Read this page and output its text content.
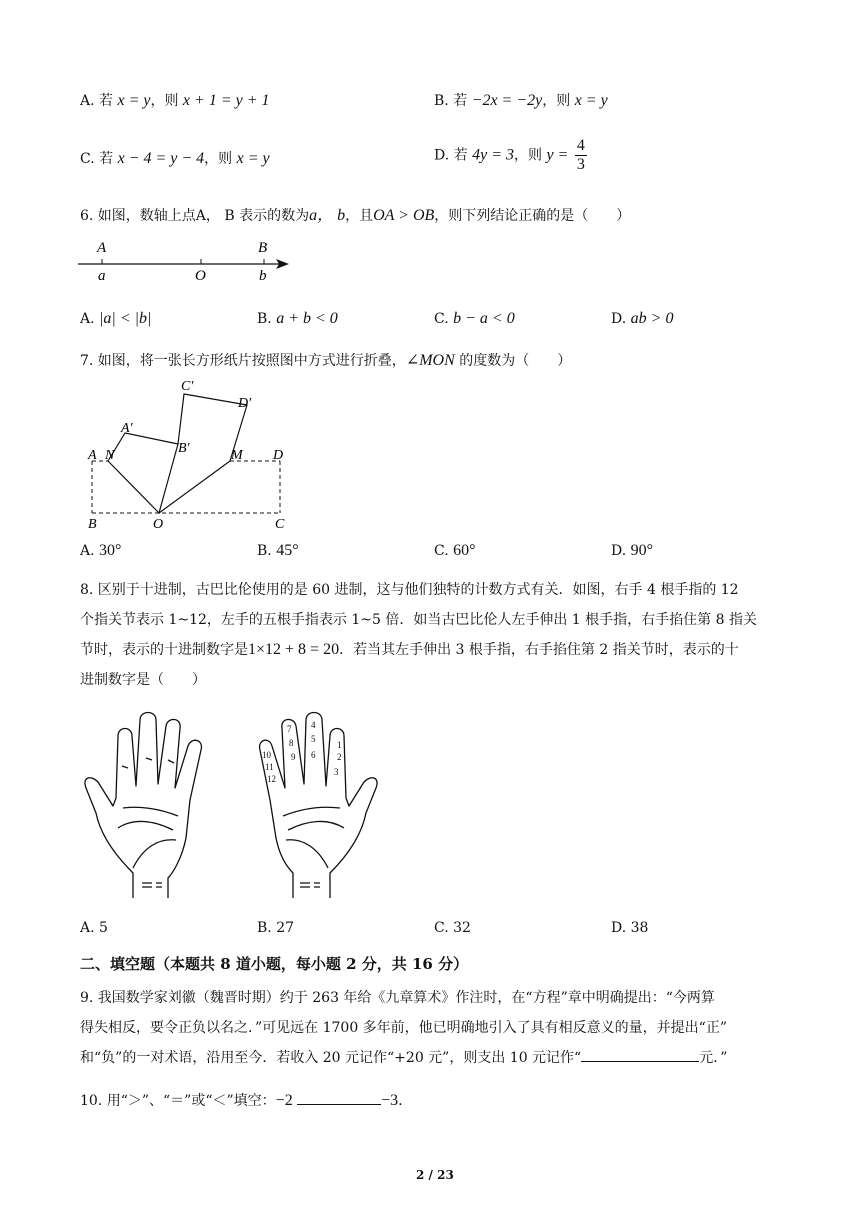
A. 若 x = y，则 x + 1 = y + 1	B. 若 −2x = −2y，则 x = y
C. 若 x − 4 = y − 4，则 x = y	D. 若 4y = 3，则 $y = \frac{4}{3}$
6. 如图，数轴上点A， B 表示的数为a， b，且OA > OB，则下列结论正确的是（　　）
A
a	O
B
b
A. |a| < |b|	B. a + b < 0	C. b − a < 0	D. ab > 0
7. 如图，将一张长方形纸片按照图中方式进行折叠，∠MON 的度数为（　　）
C′
D′
A′
B′
A N	M D
B	O	C
A. 30°	B. 45°	C. 60°	D. 90°
8. 区别于十进制，古巴比伦使用的是 60 进制，这与他们独特的计数方式有关．如图，右手 4 根手指的 12
个指关节表示 1~12，左手的五根手指表示 1~5 倍．如当古巴比伦人左手伸出 1 根手指，右手掐住第 8 指关
节时，表示的十进制数字是1×12 + 8 = 20．若当其左手伸出 3 根手指，右手掐住第 2 指关节时，表示的十
进制数字是（　　）
1
2
3
4
5
6
7
8
9
10
11
12
A. 5	B. 27	C. 32	D. 38
二、填空题（本题共 8 道小题，每小题 2 分，共 16 分）
9. 我国数学家刘徽（魏晋时期）约于 263 年给《九章算术》作注时，在“方程”章中明确提出：“今两算
得失相反，要令正负以名之．”可见远在 1700 多年前，他已明确地引入了具有相反意义的量，并提出“正”
和“负”的一对术语，沿用至今．若收入 20 元记作“+20 元”，则支出 10 元记作“	元．”
10. 用“＞”、“＝”或“＜”填空：−2	−3．
2 / 23
